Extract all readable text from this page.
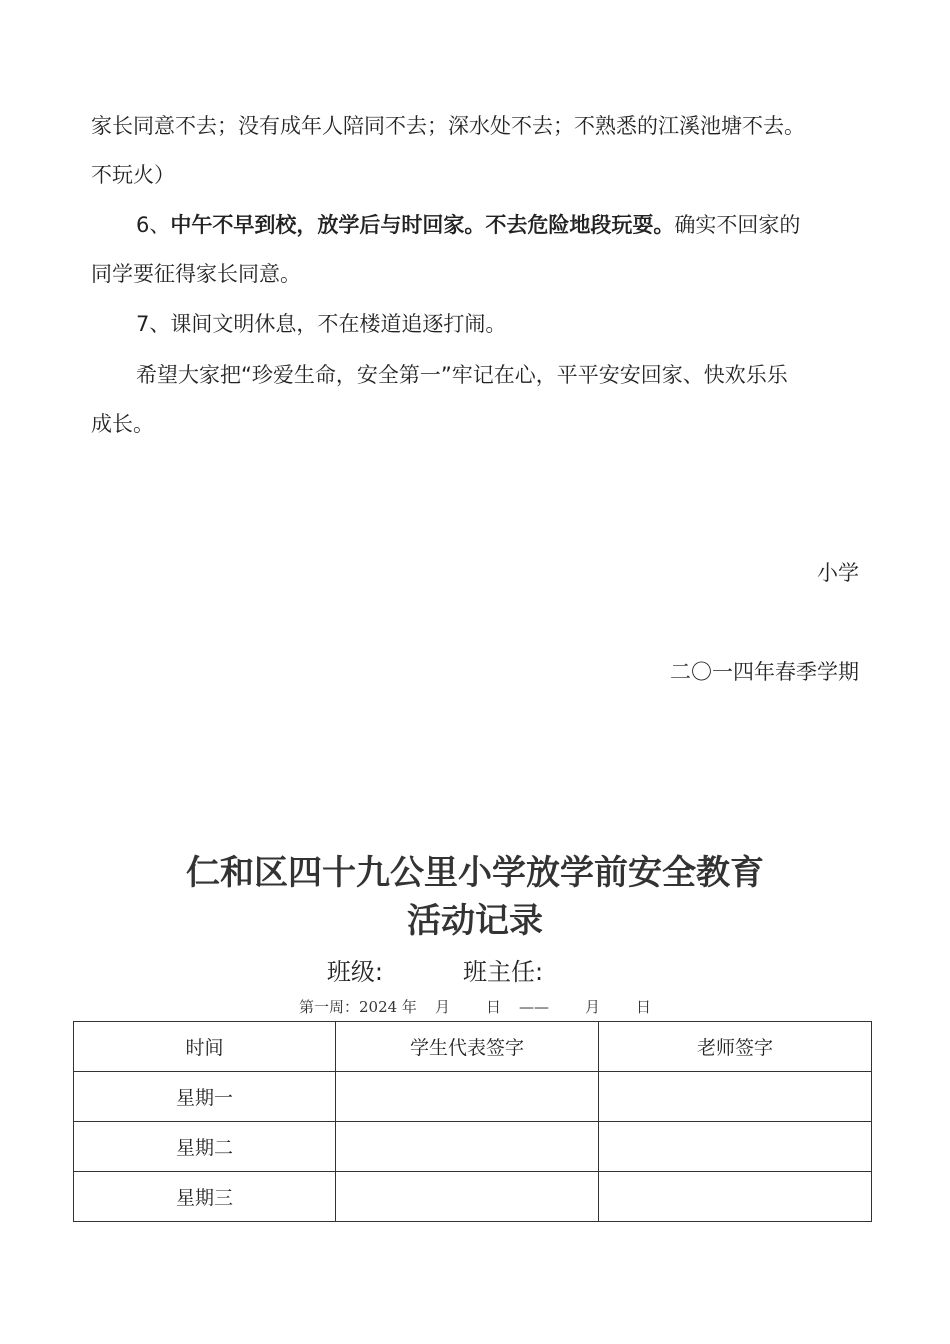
家长同意不去；没有成年人陪同不去；深水处不去；不熟悉的江溪池塘不去。
不玩火）
6、中午不早到校，放学后与时回家。不去危险地段玩耍。确实不回家的
同学要征得家长同意。
7、课间文明休息，不在楼道追逐打闹。
希望大家把“珍爱生命，安全第一”牢记在心，平平安安回家、快欢乐乐
成长。
小学
二〇一四年春季学期
仁和区四十九公里小学放学前安全教育
活动记录
班级:	班主任:
第一周：2024 年 月 日 —— 月 日
时间	学生代表签字	老师签字
星期一		
星期二		
星期三		
